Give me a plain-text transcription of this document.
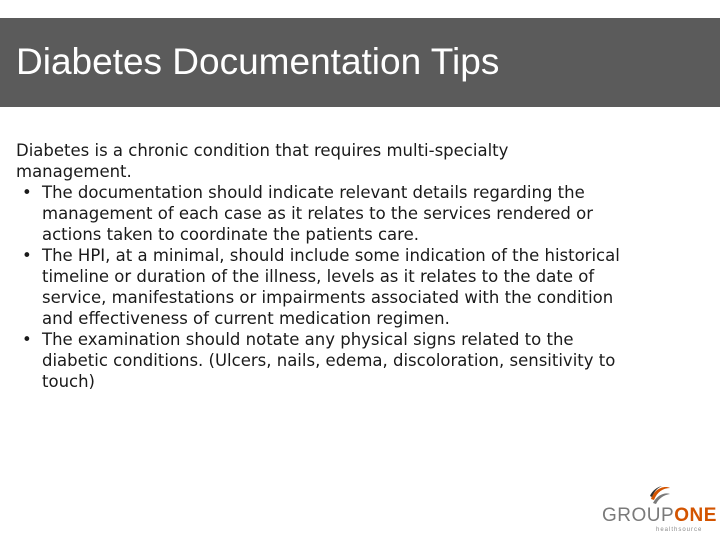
Diabetes Documentation Tips

Diabetes is a chronic condition that requires multi-specialty management.

• The documentation should indicate relevant details regarding the management of each case as it relates to the services rendered or actions taken to coordinate the patients care.
• The HPI, at a minimal, should include some indication of the historical timeline or duration of the illness, levels as it relates to the date of service, manifestations or impairments associated with the condition and effectiveness of current medication regimen.
• The examination should notate any physical signs related to the diabetic conditions. (Ulcers, nails, edema, discoloration, sensitivity to touch)
GROUPONE
healthsource
